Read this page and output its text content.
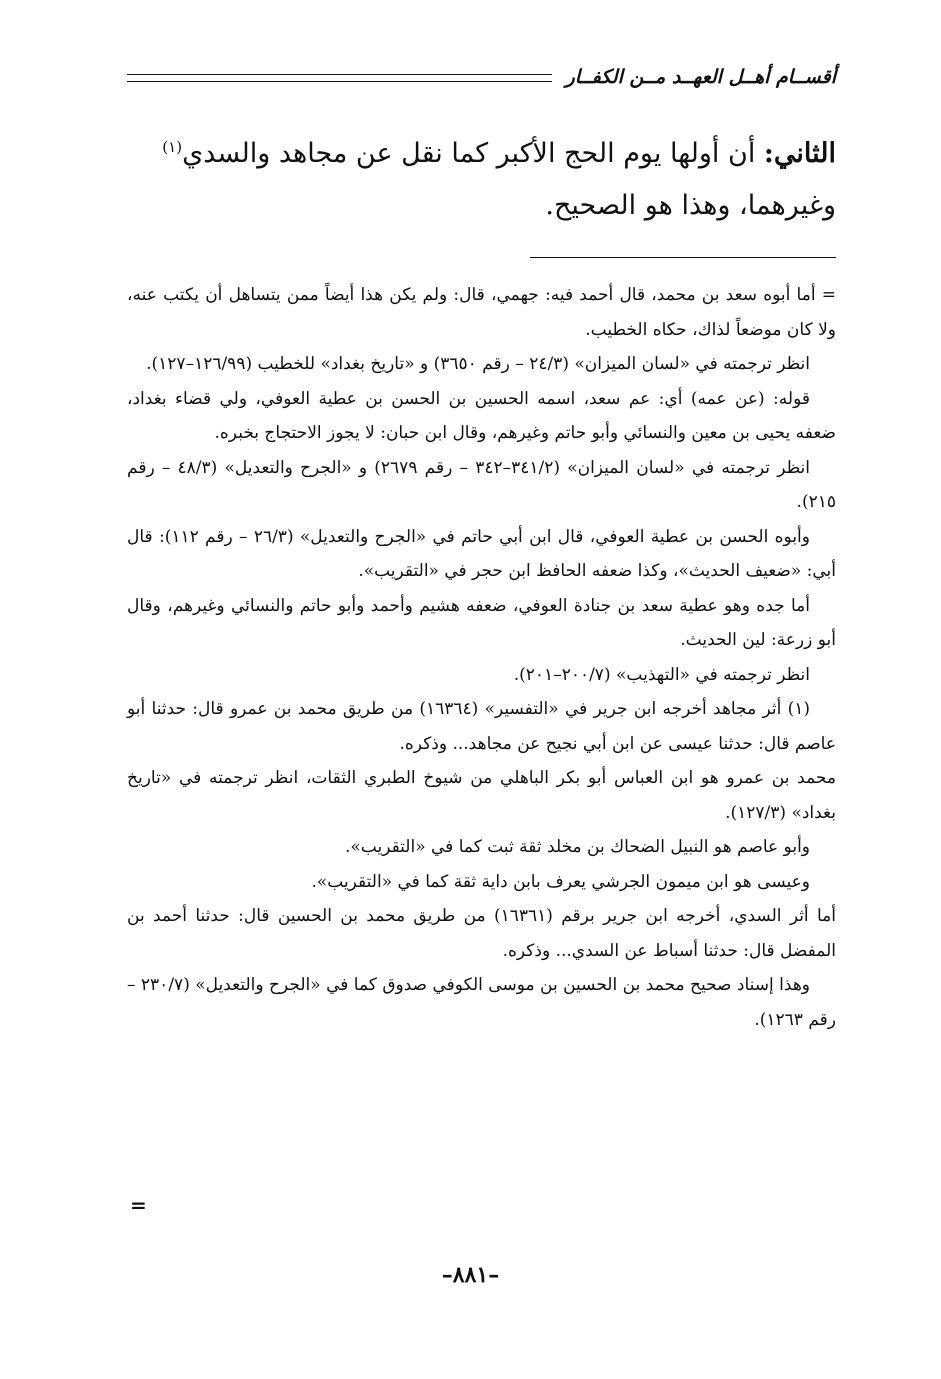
أقســام أهــل العهــد مــن الكفــار
الثاني: أن أولها يوم الحج الأكبر كما نقل عن مجاهد والسدي$^{(١)}$
وغيرهما، وهذا هو الصحيح.

= أما أبوه سعد بن محمد، قال أحمد فيه: جهمي، قال: ولم يكن هذا أيضاً ممن يتساهل أن يكتب عنه، ولا كان موضعاً لذاك، حكاه الخطيب.

انظر ترجمته في «لسان الميزان» (٢٤/٣ – رقم ٣٦٥٠) و «تاريخ بغداد» للخطيب (١٢٦/٩٩–١٢٧).

قوله: (عن عمه) أي: عم سعد، اسمه الحسين بن الحسن بن عطية العوفي، ولي قضاء بغداد، ضعفه يحيى بن معين والنسائي وأبو حاتم وغيرهم، وقال ابن حبان: لا يجوز الاحتجاج بخبره.

انظر ترجمته في «لسان الميزان» (٣٤١/٢–٣٤٢ – رقم ٢٦٧٩) و «الجرح والتعديل» (٤٨/٣ – رقم ٢١٥).

وأبوه الحسن بن عطية العوفي، قال ابن أبي حاتم في «الجرح والتعديل» (٢٦/٣ – رقم ١١٢): قال أبي: «ضعيف الحديث»، وكذا ضعفه الحافظ ابن حجر في «التقريب».

أما جده وهو عطية سعد بن جنادة العوفي، ضعفه هشيم وأحمد وأبو حاتم والنسائي وغيرهم، وقال أبو زرعة: لين الحديث.

انظر ترجمته في «التهذيب» (٢٠٠/٧–٢٠١).

(١) أثر مجاهد أخرجه ابن جرير في «التفسير» (١٦٣٦٤) من طريق محمد بن عمرو قال: حدثنا أبو عاصم قال: حدثنا عيسى عن ابن أبي نجيح عن مجاهد... وذكره.

محمد بن عمرو هو ابن العباس أبو بكر الباهلي من شيوخ الطبري الثقات، انظر ترجمته في «تاريخ بغداد» (١٢٧/٣).

وأبو عاصم هو النبيل الضحاك بن مخلد ثقة ثبت كما في «التقريب».

وعيسى هو ابن ميمون الجرشي يعرف بابن داية ثقة كما في «التقريب».

أما أثر السدي، أخرجه ابن جرير برقم (١٦٣٦١) من طريق محمد بن الحسين قال: حدثنا أحمد بن المفضل قال: حدثنا أسباط عن السدي... وذكره.

وهذا إسناد صحيح محمد بن الحسين بن موسى الكوفي صدوق كما في «الجرح والتعديل» (٢٣٠/٧ – رقم ١٢٦٣).

=
–٨٨١–
